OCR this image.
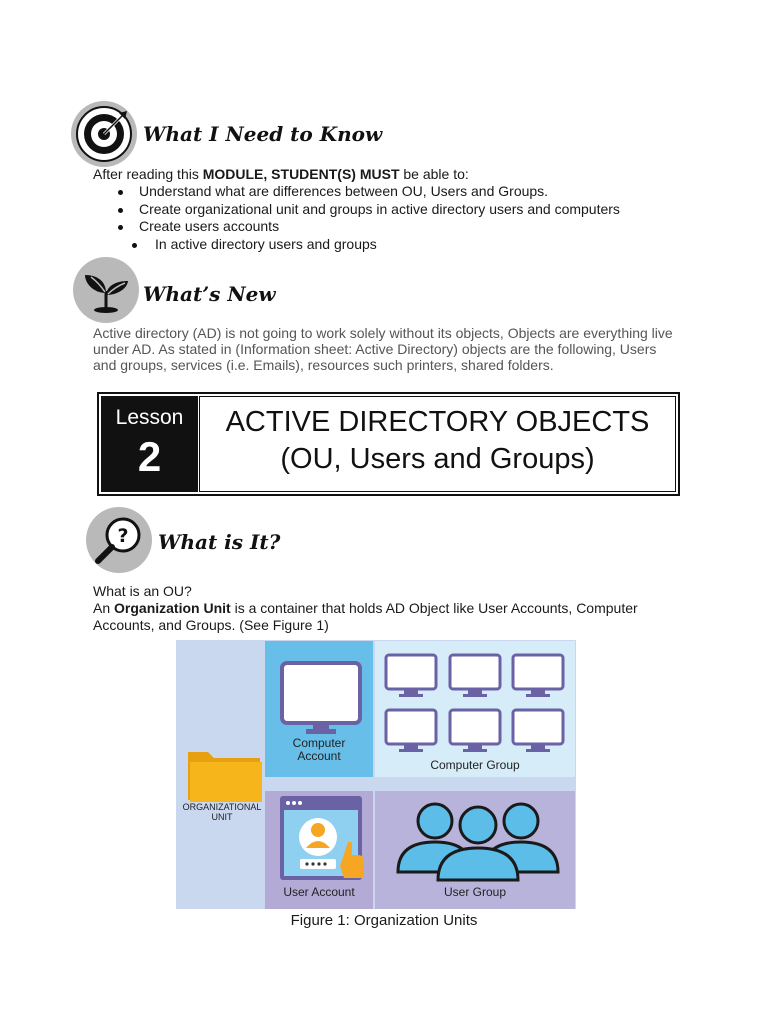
What I Need to Know
After reading this MODULE, STUDENT(S) MUST be able to:
Understand what are differences between OU, Users and Groups.
Create organizational unit and groups in active directory users and computers
Create users accounts
In active directory users and groups
What’s New
Active directory (AD) is not going to work solely without its objects, Objects are everything live
under AD. As stated in (Information sheet: Active Directory) objects are the following, Users
and groups, services (i.e. Emails), resources such printers, shared folders.
Lesson
2
ACTIVE DIRECTORY OBJECTS
(OU, Users and Groups)
? What is It?
What is an OU?
An Organization Unit is a container that holds AD Object like User Accounts, Computer
Accounts, and Groups. (See Figure 1)
ORGANIZATIONAL
UNIT
Computer
Account
Computer Group
User Account	User Group
Figure 1: Organization Units
